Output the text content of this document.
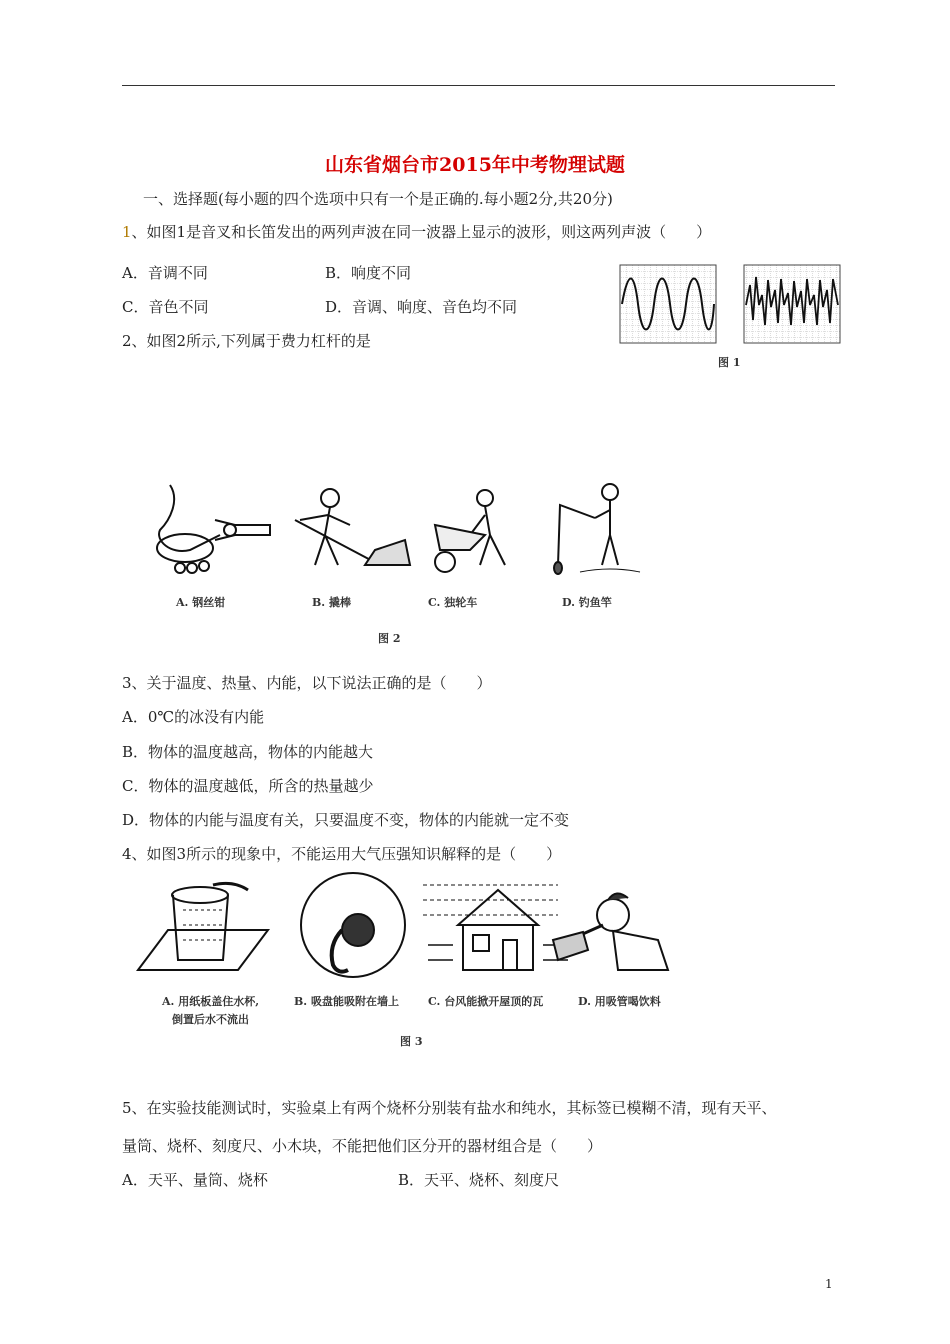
山东省烟台市2015年中考物理试题
一、选择题(每小题的四个选项中只有一个是正确的.每小题2分,共20分)
1、如图1是音叉和长笛发出的两列声波在同一波器上显示的波形，则这两列声波（　　）
A．音调不同	B．响度不同
C．音色不同	D．音调、响度、音色均不同
图 1
2、如图2所示,下列属于费力杠杆的是
A. 钢丝钳	B. 撬棒	C. 独轮车	D. 钓鱼竿
图 2
3、关于温度、热量、内能，以下说法正确的是（　　）
A．0℃的冰没有内能
B．物体的温度越高，物体的内能越大
C．物体的温度越低，所含的热量越少
D．物体的内能与温度有关，只要温度不变，物体的内能就一定不变
4、如图3所示的现象中，不能运用大气压强知识解释的是（　　）
A. 用纸板盖住水杯,
倒置后水不流出
B. 吸盘能吸附在墙上	C. 台风能掀开屋顶的瓦	D. 用吸管喝饮料
图 3
5、在实验技能测试时，实验桌上有两个烧杯分别装有盐水和纯水，其标签已模糊不清，现有天平、
量筒、烧杯、刻度尺、小木块，不能把他们区分开的器材组合是（　　）
A．天平、量筒、烧杯	B．天平、烧杯、刻度尺
1
